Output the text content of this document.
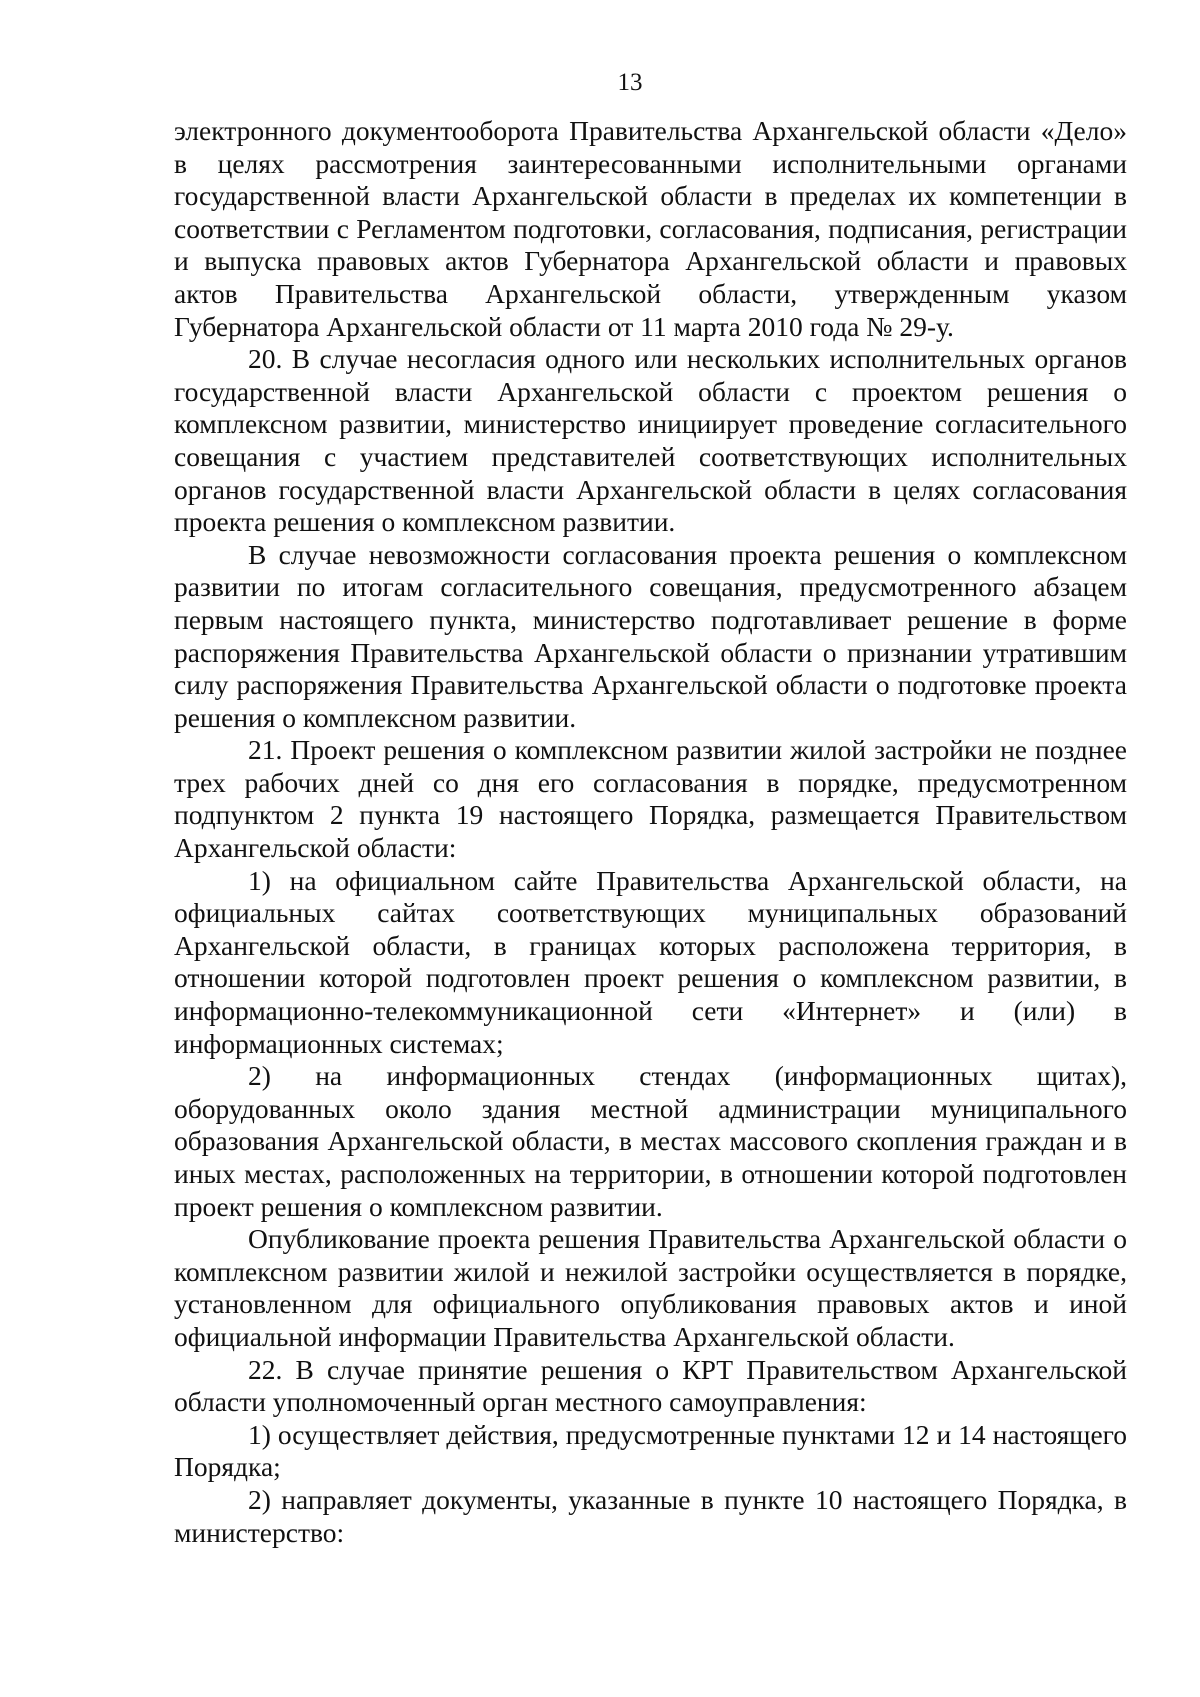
13

электронного документооборота Правительства Архангельской области «Дело» в целях рассмотрения заинтересованными исполнительными органами государственной власти Архангельской области в пределах их компетенции в соответствии с Регламентом подготовки, согласования, подписания, регистрации и выпуска правовых актов Губернатора Архангельской области и правовых актов Правительства Архангельской области, утвержденным указом Губернатора Архангельской области от 11 марта 2010 года № 29-у.

20. В случае несогласия одного или нескольких исполнительных органов государственной власти Архангельской области с проектом решения о комплексном развитии, министерство инициирует проведение согласительного совещания с участием представителей соответствующих исполнительных органов государственной власти Архангельской области в целях согласования проекта решения о комплексном развитии.

В случае невозможности согласования проекта решения о комплексном развитии по итогам согласительного совещания, предусмотренного абзацем первым настоящего пункта, министерство подготавливает решение в форме распоряжения Правительства Архангельской области о признании утратившим силу распоряжения Правительства Архангельской области о подготовке проекта решения о комплексном развитии.

21. Проект решения о комплексном развитии жилой застройки не позднее трех рабочих дней со дня его согласования в порядке, предусмотренном подпунктом 2 пункта 19 настоящего Порядка, размещается Правительством Архангельской области:

1) на официальном сайте Правительства Архангельской области, на официальных сайтах соответствующих муниципальных образований Архангельской области, в границах которых расположена территория, в отношении которой подготовлен проект решения о комплексном развитии, в информационно-телекоммуникационной сети «Интернет» и (или) в информационных системах;

2) на информационных стендах (информационных щитах), оборудованных около здания местной администрации муниципального образования Архангельской области, в местах массового скопления граждан и в иных местах, расположенных на территории, в отношении которой подготовлен проект решения о комплексном развитии.

Опубликование проекта решения Правительства Архангельской области о комплексном развитии жилой и нежилой застройки осуществляется в порядке, установленном для официального опубликования правовых актов и иной официальной информации Правительства Архангельской области.

22. В случае принятие решения о КРТ Правительством Архангельской области уполномоченный орган местного самоуправления:

1) осуществляет действия, предусмотренные пунктами 12 и 14 настоящего Порядка;

2) направляет документы, указанные в пункте 10 настоящего Порядка, в министерство:
